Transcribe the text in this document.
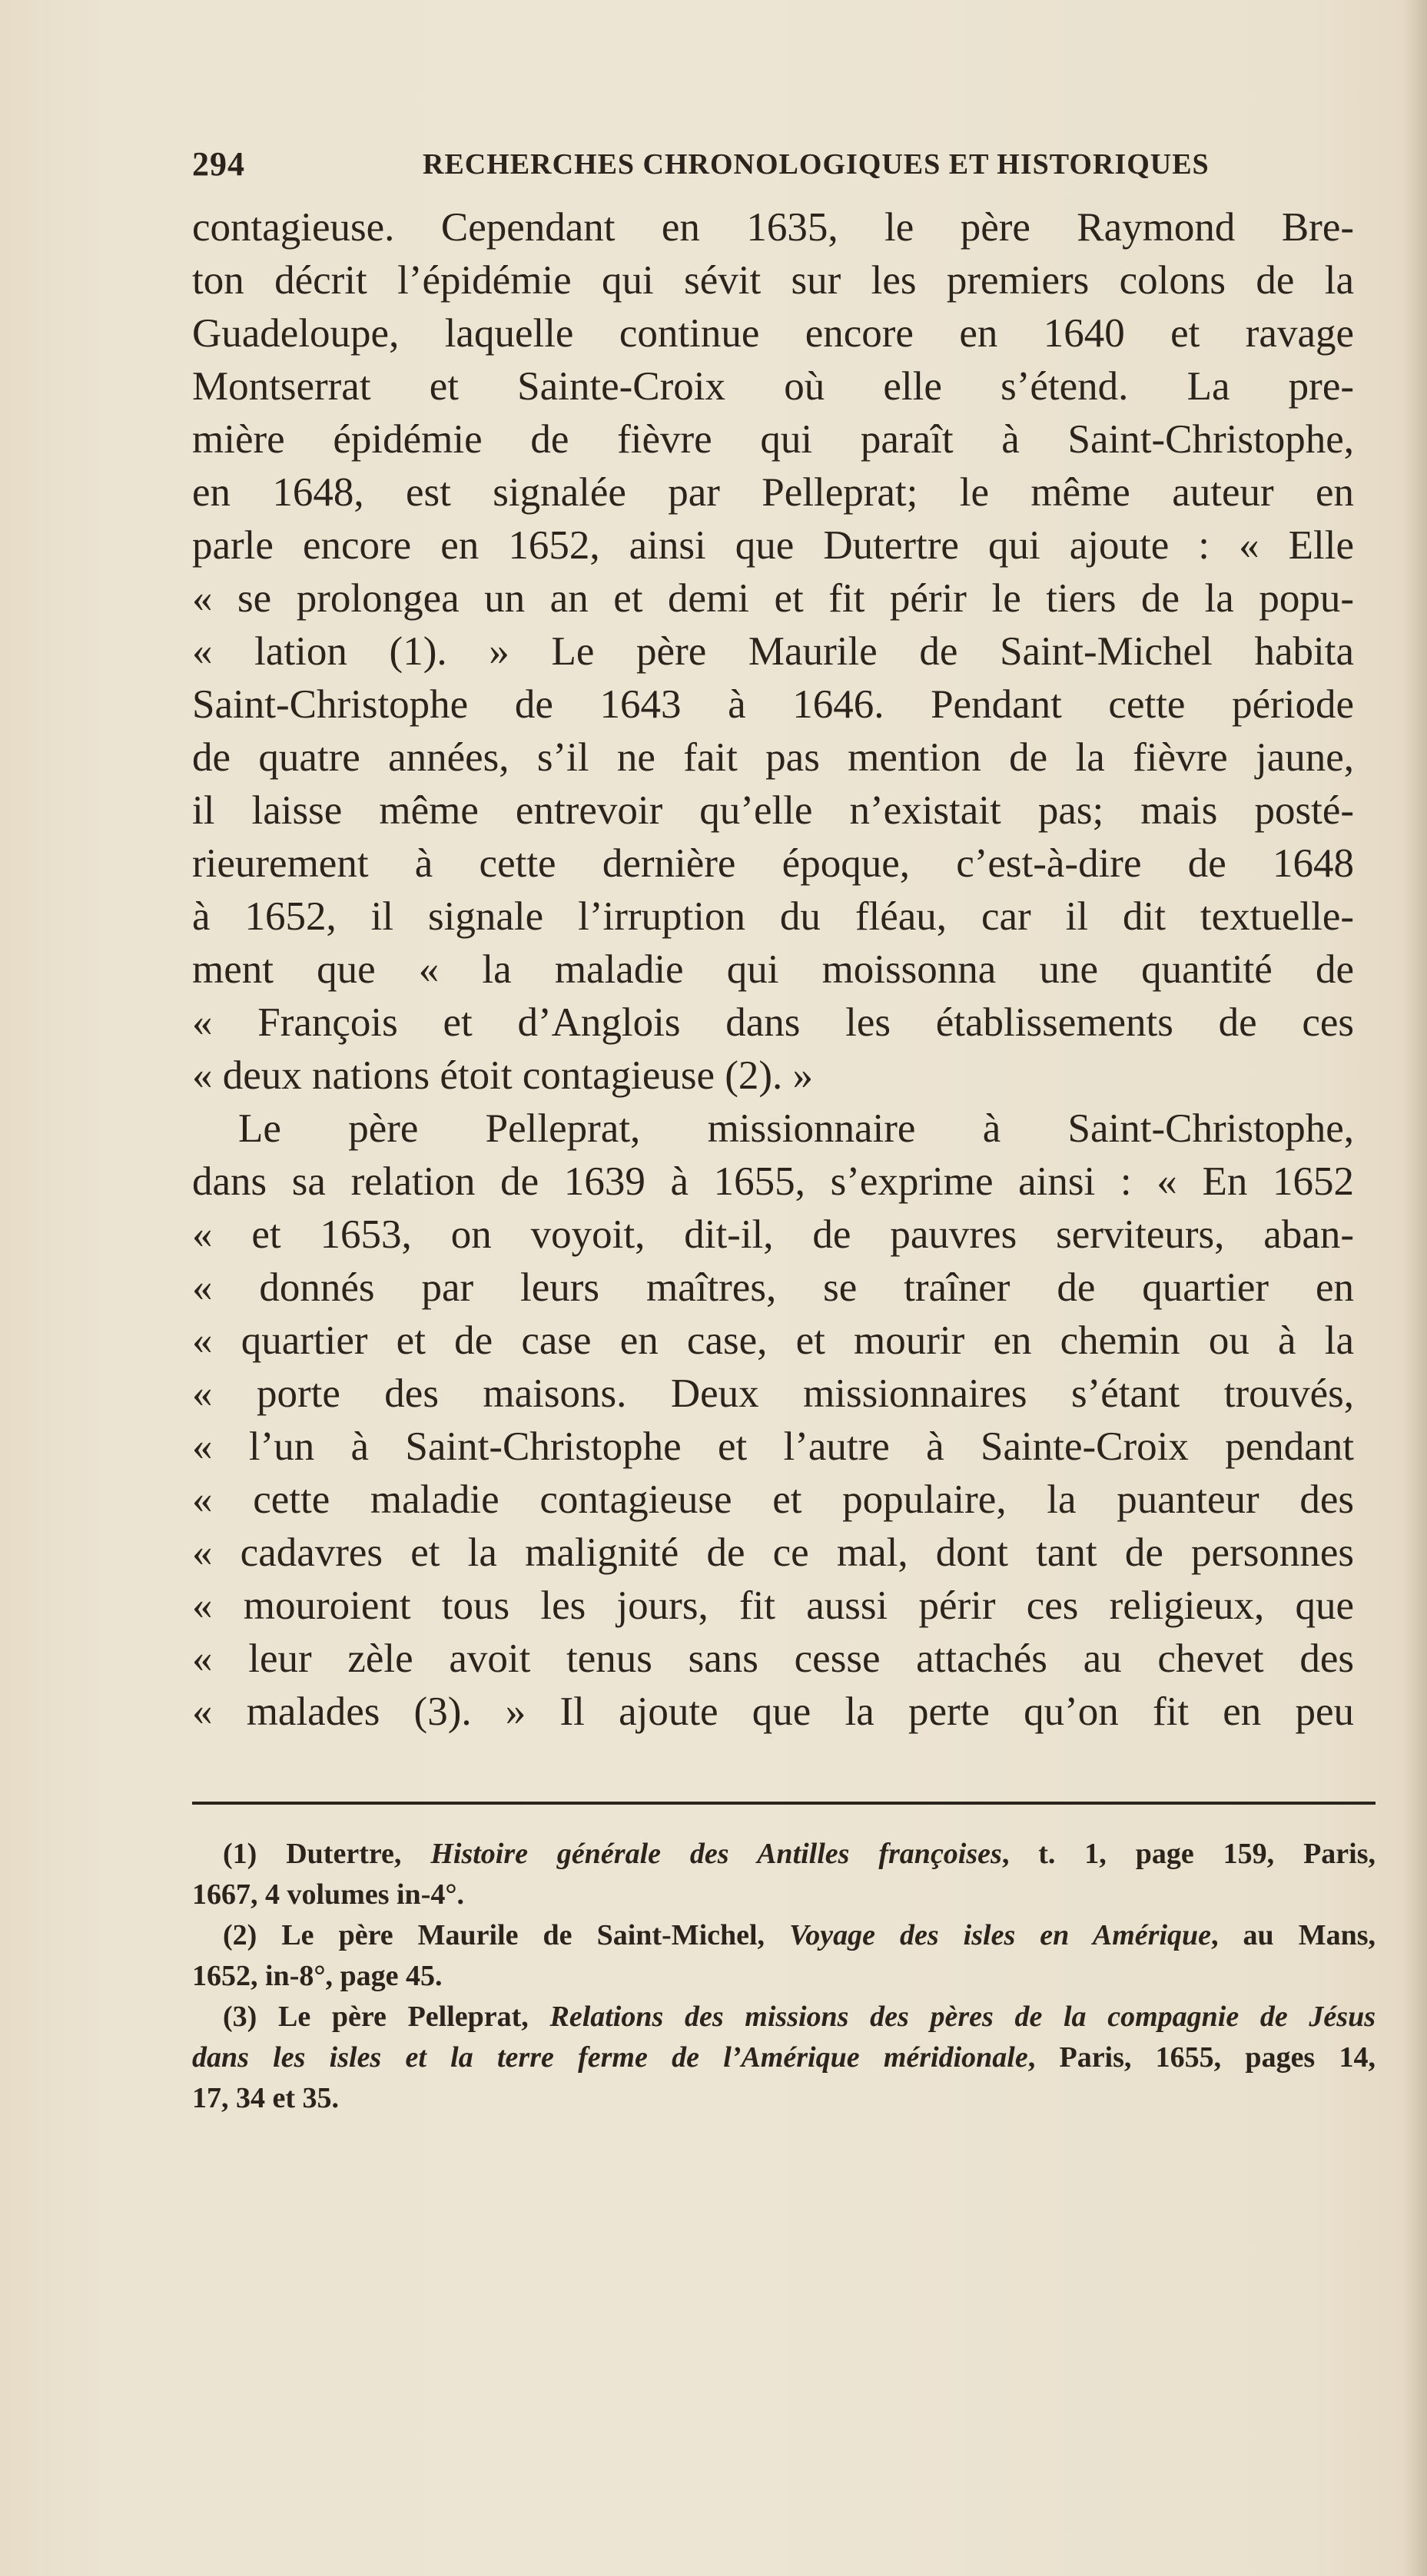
294	RECHERCHES CHRONOLOGIQUES ET HISTORIQUES
contagieuse. Cependant en 1635, le père Raymond Bre-
ton décrit l’épidémie qui sévit sur les premiers colons de la
Guadeloupe, laquelle continue encore en 1640 et ravage
Montserrat et Sainte-Croix où elle s’étend. La pre-
mière épidémie de fièvre qui paraît à Saint-Christophe,
en 1648, est signalée par Pelleprat; le même auteur en
parle encore en 1652, ainsi que Dutertre qui ajoute : « Elle
« se prolongea un an et demi et fit périr le tiers de la popu-
« lation (1). » Le père Maurile de Saint-Michel habita
Saint-Christophe de 1643 à 1646. Pendant cette période
de quatre années, s’il ne fait pas mention de la fièvre jaune,
il laisse même entrevoir qu’elle n’existait pas; mais posté-
rieurement à cette dernière époque, c’est-à-dire de 1648
à 1652, il signale l’irruption du fléau, car il dit textuelle-
ment que « la maladie qui moissonna une quantité de
« François et d’Anglois dans les établissements de ces
« deux nations étoit contagieuse (2). »
Le père Pelleprat, missionnaire à Saint-Christophe,
dans sa relation de 1639 à 1655, s’exprime ainsi : « En 1652
« et 1653, on voyoit, dit-il, de pauvres serviteurs, aban-
« donnés par leurs maîtres, se traîner de quartier en
« quartier et de case en case, et mourir en chemin ou à la
« porte des maisons. Deux missionnaires s’étant trouvés,
« l’un à Saint-Christophe et l’autre à Sainte-Croix pendant
« cette maladie contagieuse et populaire, la puanteur des
« cadavres et la malignité de ce mal, dont tant de personnes
« mouroient tous les jours, fit aussi périr ces religieux, que
« leur zèle avoit tenus sans cesse attachés au chevet des
« malades (3). » Il ajoute que la perte qu’on fit en peu
(1) Dutertre, Histoire générale des Antilles françoises, t. 1, page 159, Paris,
1667, 4 volumes in-4°.
(2) Le père Maurile de Saint-Michel, Voyage des isles en Amérique, au Mans,
1652, in-8°, page 45.
(3) Le père Pelleprat, Relations des missions des pères de la compagnie de Jésus
dans les isles et la terre ferme de l’Amérique méridionale, Paris, 1655, pages 14,
17, 34 et 35.
